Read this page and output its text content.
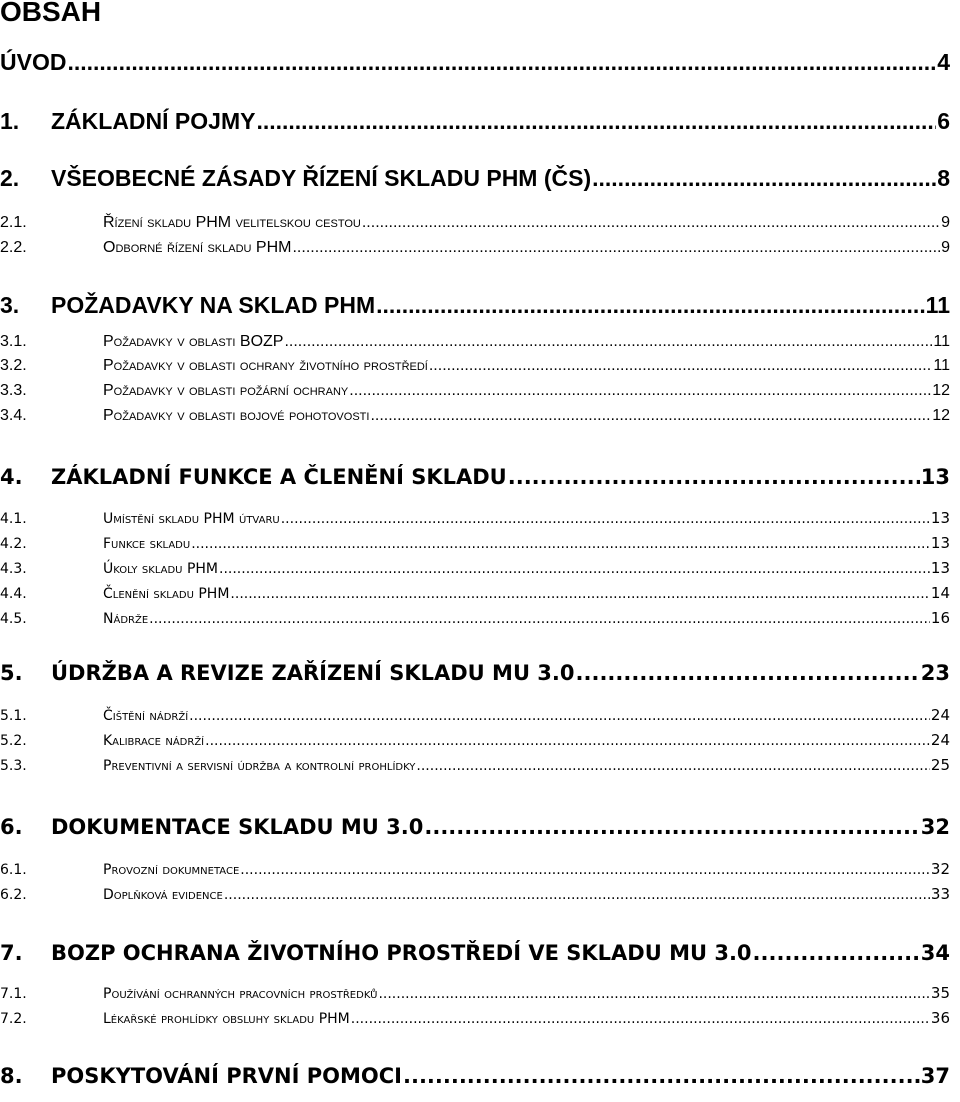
OBSAH
ÚVOD .....	4
1.	ZÁKLADNÍ POJMY .....	6
2.	VŠEOBECNÉ ZÁSADY ŘÍZENÍ SKLADU PHM (ČS) .....	8
2.1.	Řízení skladu PHM velitelskou cestou .....	9
2.2.	Odborné řízení skladu PHM .....	9
3.	POŽADAVKY NA SKLAD PHM .....	11
3.1.	Požadavky v oblasti BOZP .....	11
3.2.	Požadavky v oblasti ochrany životního prostředí .....	11
3.3.	Požadavky v oblasti požární ochrany .....	12
3.4.	Požadavky v oblasti bojové pohotovosti .....	12
4.	ZÁKLADNÍ FUNKCE A ČLENĚNÍ SKLADU .....	13
4.1.	Umístění skladu PHM útvaru .....	13
4.2.	Funkce skladu .....	13
4.3.	Úkoly skladu PHM .....	13
4.4.	Členění skladu PHM .....	14
4.5.	Nádrže .....	16
5.	ÚDRŽBA A REVIZE ZAŘÍZENÍ SKLADU MU 3.0 .....	23
5.1.	Čištění nádrží .....	24
5.2.	Kalibrace nádrží .....	24
5.3.	Preventivní a servisní údržba a kontrolní prohlídky .....	25
6.	DOKUMENTACE SKLADU MU 3.0 .....	32
6.1.	Provozní dokumnetace .....	32
6.2.	Doplňková evidence .....	33
7.	BOZP OCHRANA ŽIVOTNÍHO PROSTŘEDÍ VE SKLADU MU 3.0 .....	34
7.1.	Používání ochranných pracovních prostředků .....	35
7.2.	Lékařské prohlídky obsluhy skladu PHM .....	36
8.	POSKYTOVÁNÍ PRVNÍ POMOCI .....	37
